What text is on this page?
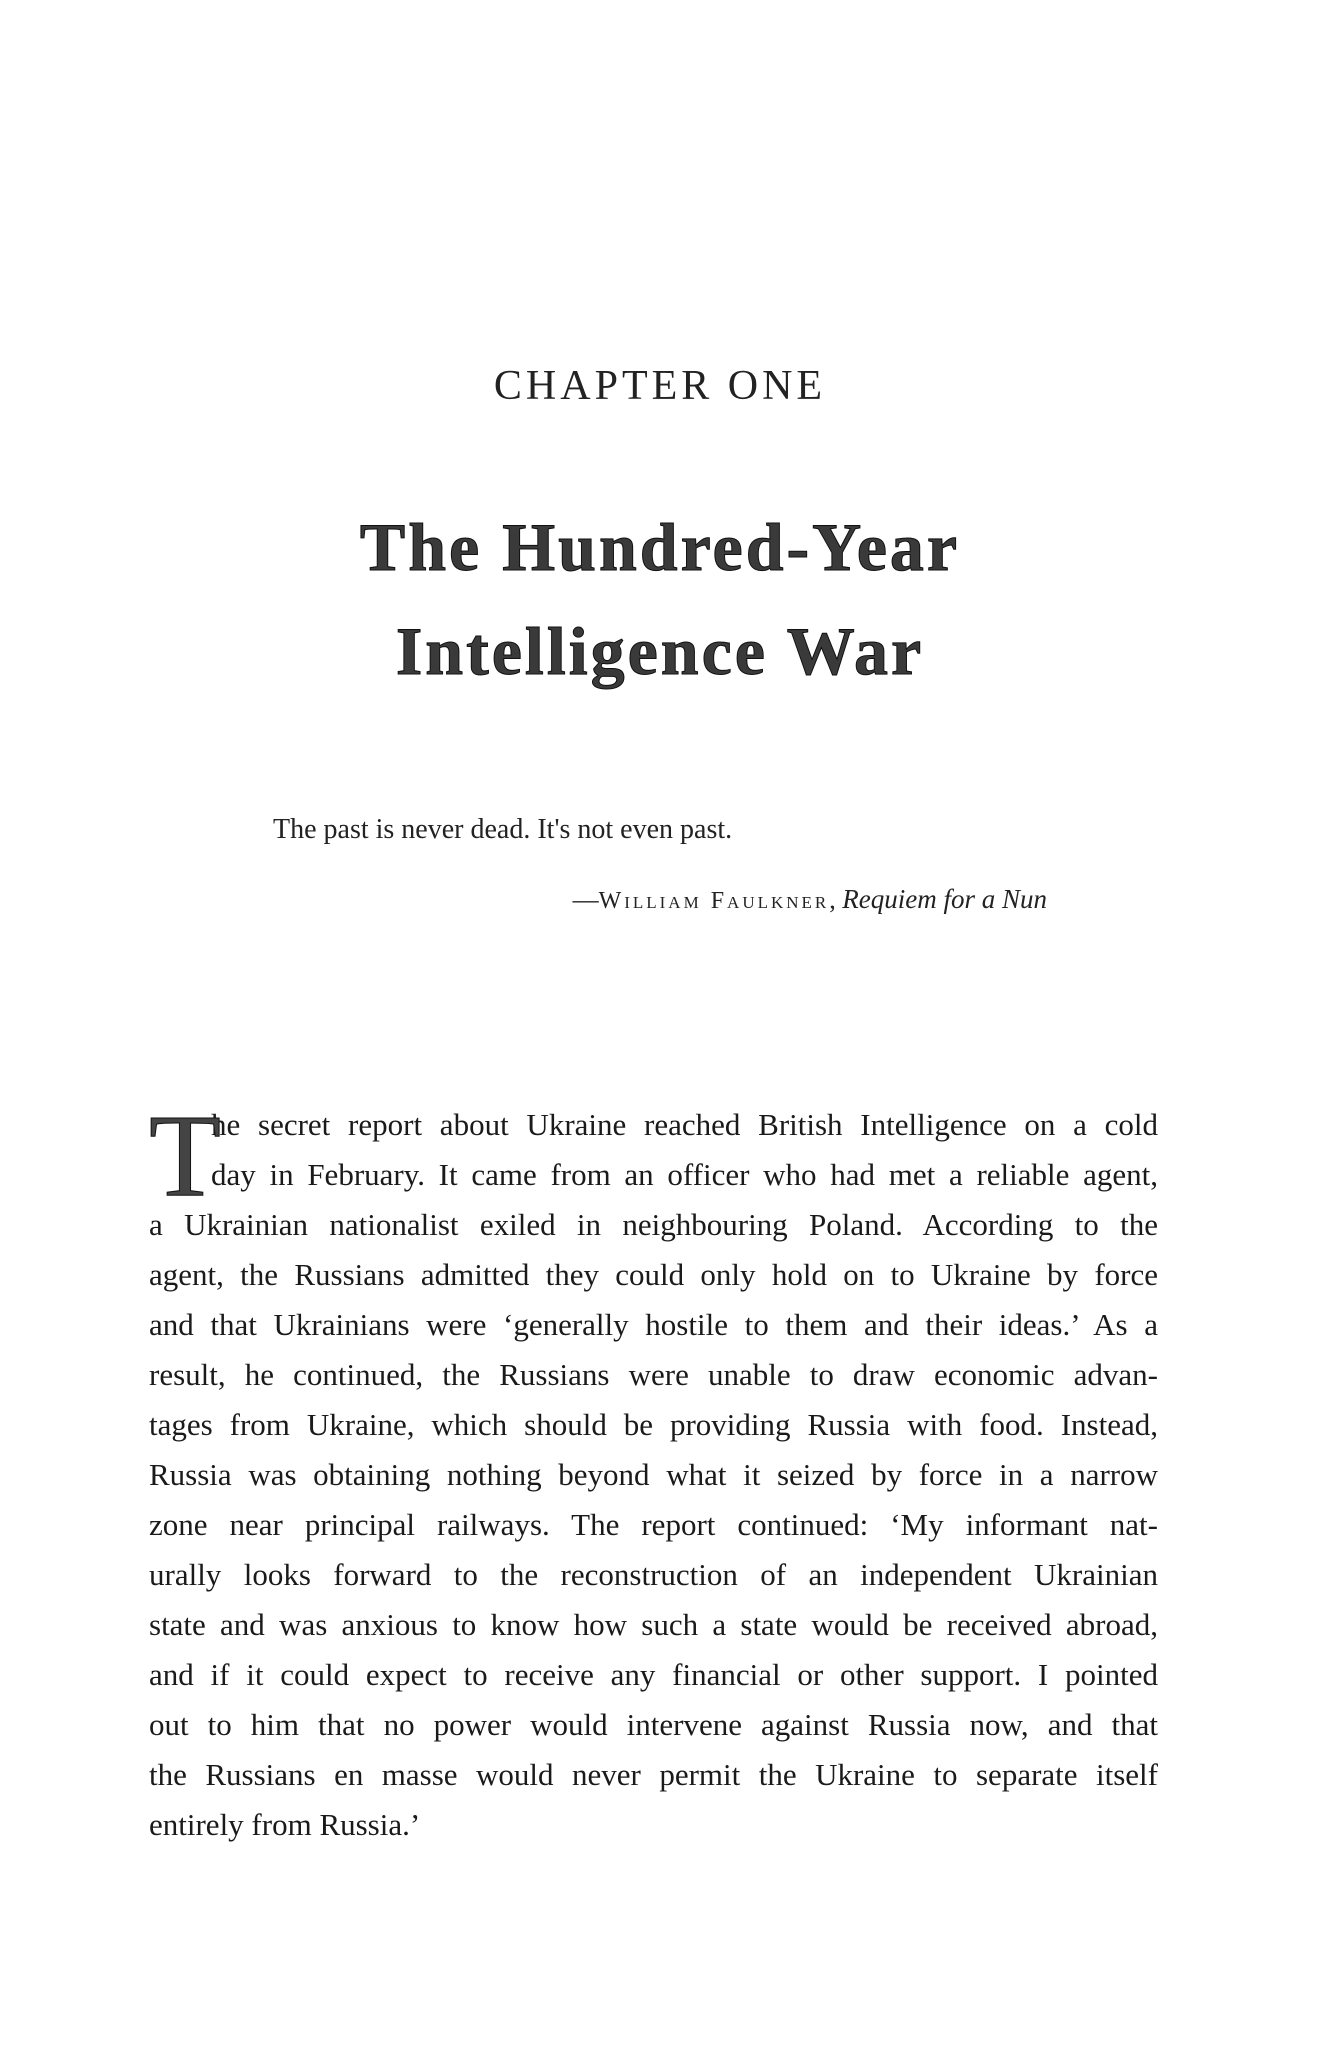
CHAPTER ONE
The Hundred-Year
Intelligence War
The past is never dead. It's not even past.
—William Faulkner, Requiem for a Nun
T
he secret report about Ukraine reached British Intelligence on a cold
day in February. It came from an officer who had met a reliable agent,
a Ukrainian nationalist exiled in neighbouring Poland. According to the
agent, the Russians admitted they could only hold on to Ukraine by force
and that Ukrainians were ‘generally hostile to them and their ideas.’ As a
result, he continued, the Russians were unable to draw economic advan-
tages from Ukraine, which should be providing Russia with food. Instead,
Russia was obtaining nothing beyond what it seized by force in a narrow
zone near principal railways. The report continued: ‘My informant nat-
urally looks forward to the reconstruction of an independent Ukrainian
state and was anxious to know how such a state would be received abroad,
and if it could expect to receive any financial or other support. I pointed
out to him that no power would intervene against Russia now, and that
the Russians en masse would never permit the Ukraine to separate itself
entirely from Russia.’
